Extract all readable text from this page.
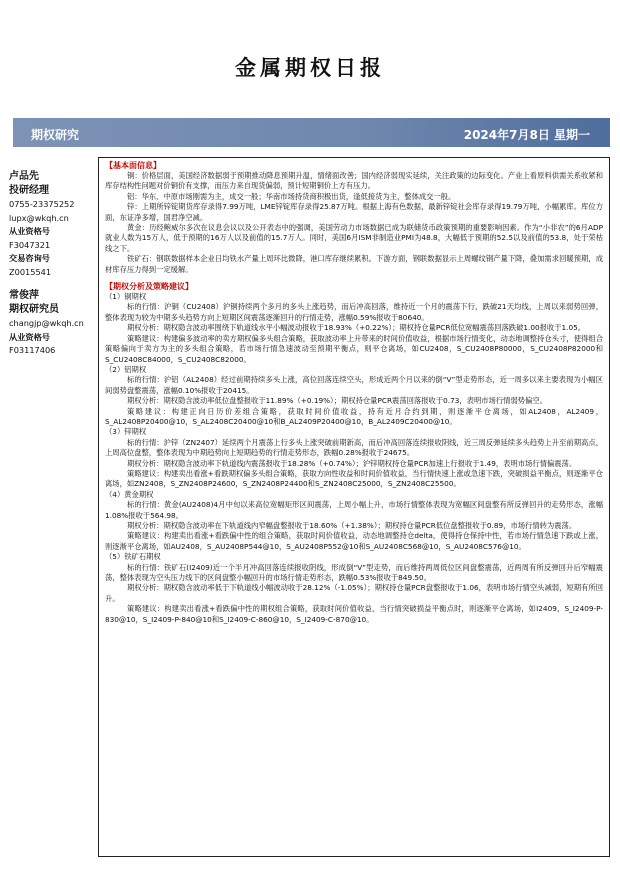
金属期权日报
期权研究	2024年7月8日 星期一
卢品先
投研经理
0755-23375252
lupx@wkqh.cn
从业资格号
F3047321
交易咨询号
Z0015541
常俊萍
期权研究员
changjp@wkqh.cn
从业资格号
F03117406
【基本面信息】
铜：价格层面，美国经济数据弱于预期推动降息预期升温，情绪面改善；国内经济弱现实延续，关注政策的边际变化。产业上看原料供需关系收紧和库存结构性问题对价铜价有支撑，而压力来自现货偏弱，预计短期铜价上方有压力。
铝：华东、中原市场刚需为主，成交一般；华南市场持货商积极出货，逢低接货为主，整体成交一般。
锌：上期所锌锭期货库存录得7.99万吨，LME锌锭库存录得25.87万吨。根据上海有色数据，最新锌锭社会库存录得19.79万吨，小幅累库。库位方面，东证净多增，国君净空减。
黄金：历经鲍威尔多次在议息会议以及公开表态中的强调，美国劳动力市场数据已成为联储货币政策预期的重要影响因素。作为“小非农”的6月ADP就业人数为15万人，低于预期的16万人以及前值的15.7万人。同时，美国6月ISM非制造业PMI为48.8，大幅低于预期的52.5以及前值的53.8，处于荣枯线之下。
铁矿石：钢联数据样本企业日均铁水产量上周环比微降，港口库存继续累积。下游方面，钢联数据显示上周螺纹钢产量下降，叠加需求回暖预期，成材库存压力得到一定缓解。
【期权分析及策略建议】
（1）铜期权
标的行情：沪铜（CU2408）沪铜持续两个多月的多头上涨趋势，而后冲高回落，维持近一个月的震荡下行，跌破21天均线，上周以来弱势回弹，整体表现为较为中期多头趋势方向上短期区间震荡逐渐回升的行情走势，涨幅0.59%报收于80640。
期权分析：期权隐含波动率围绕下轨道线水平小幅波动报收于18.93%（+0.22%）；期权持仓量PCR低位宽幅震荡回落跌破1.00报收于1.05。
策略建议：构建偏多波动率的卖方期权偏多头组合策略，获取波动率上升带来的时间价值收益，根据市场行情变化，动态地调整持仓头寸，使得组合策略偏向于卖方为主的多头组合策略，若市场行情急速波动至预期平衡点，则平仓离场，如CU2408，S_CU2408P80000，S_CU2408P82000和S_CU2408C84000，S_CU2408C82000。
（2）铝期权
标的行情：沪铝（AL2408）经过前期持续多头上涨，高位回落连续空头，形成近两个月以来的倒“V”型走势形态，近一周多以来主要表现为小幅区间弱势盘整震荡，涨幅0.10%报收于20415。
期权分析：期权隐含波动率低位盘整报收于11.89%（+0.19%）；期权持仓量PCR震荡回落报收于0.73，表明市场行情弱势偏空。
策略建议：构建正向日历价差组合策略，获取时间价值收益，持有近月合约到期，则逐渐平仓离场，如AL2408，AL2409，S_AL2408P20400@10，S_AL2408C20400@10和B_AL2409P20400@10，B_AL2409C20400@10。
（3）锌期权
标的行情：沪锌（ZN2407）延续两个月震荡上行多头上涨突破前期新高，而后冲高回落连续报收阴线，近三周反弹延续多头趋势上升至前期高点，上周高位盘整，整体表现为中期趋势向上短期趋势的行情走势形态，跌幅0.28%报收于24675。
期权分析：期权隐含波动率下轨道线内震荡报收于18.28%（+0.74%）；沪锌期权持仓量PCR加速上行报收于1.49，表明市场行情偏震荡。
策略建议：构建卖出看涨+看跌期权偏多头组合策略，获取方向性收益和时间价值收益，当行情快速上涨或急速下跌，突破损益平衡点，则逐渐平仓离场，如ZN2408，S_ZN2408P24600，S_ZN2408P24400和S_ZN2408C25000，S_ZN2408C25500。
（4）黄金期权
标的行情：黄金(AU2408)4月中旬以来高位宽幅矩形区间震荡，上周小幅上升，市场行情整体表现为宽幅区间盘整有所反弹回升的走势形态，涨幅1.08%报收于564.98。
期权分析：期权隐含波动率在下轨道线内窄幅盘整报收于18.60%（+1.38%）；期权持仓量PCR低位盘整报收于0.89，市场行情转为震荡。
策略建议：构建卖出看涨+看跌偏中性的组合策略，获取时间价值收益，动态地调整持仓delta，使得持仓保持中性，若市场行情急速下跌或上涨，则逐渐平仓离场，如AU2408，S_AU2408P544@10，S_AU2408P552@10和S_AU2408C568@10，S_AU2408C576@10。
（5）铁矿石期权
标的行情：铁矿石(I2409)近一个半月冲高回落连续报收阴线，形成倒“V”型走势，而后维持两周低位区间盘整震荡，近两周有所反弹回升后窄幅震荡，整体表现为空头压力线下的区间盘整小幅回升的市场行情走势形态，跌幅0.53%报收于849.50。
期权分析：期权隐含波动率低于下轨道线小幅波动收于28.12%（-1.05%）；期权持仓量PCR盘整报收于1.06，表明市场行情空头减弱，短期有所回升。
策略建议：构建卖出看涨+看跌偏中性的期权组合策略，获取时间价值收益，当行情突破损益平衡点时，则逐渐平仓离场，如I2409，S_I2409-P-830@10，S_I2409-P-840@10和S_I2409-C-860@10，S_I2409-C-870@10。
